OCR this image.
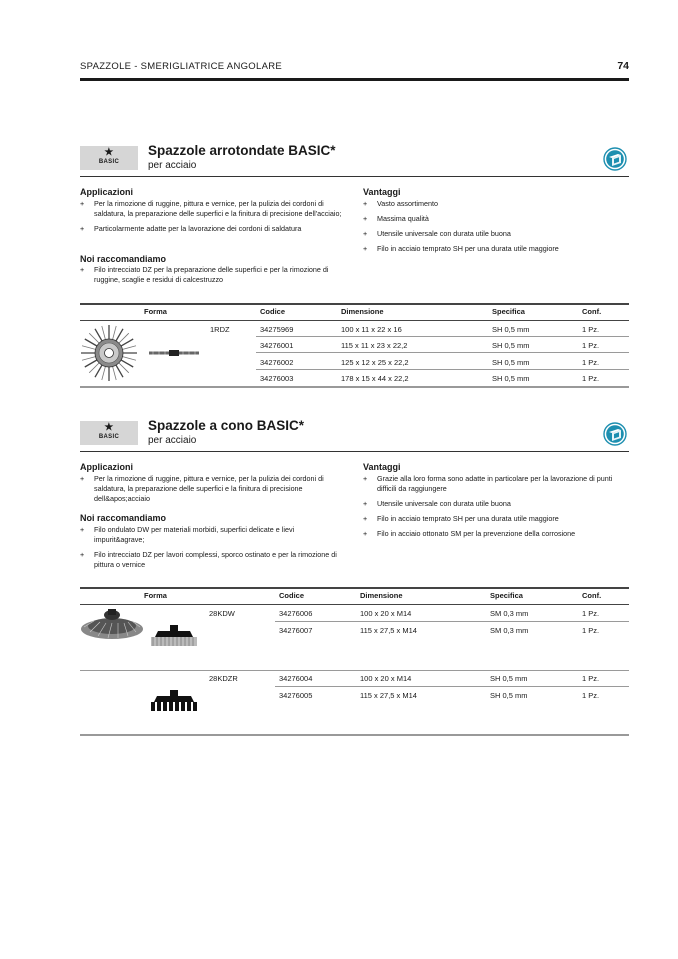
SPAZZOLE - SMERIGLIATRICE ANGOLARE	74
★
BASIC
Spazzole arrotondate BASIC*
per acciaio
Applicazioni
+ Per la rimozione di ruggine, pittura e vernice, per la pulizia dei cordoni di saldatura, la preparazione delle superfici e la finitura di precisione dell'acciaio;
+ Particolarmente adatte per la lavorazione dei cordoni di saldatura
Noi raccomandiamo
+ Filo intrecciato DZ per la preparazione delle superfici e per la rimozione di ruggine, scaglie e residui di calcestruzzo
Vantaggi
+ Vasto assortimento
+ Massima qualità
+ Utensile universale con durata utile buona
+ Filo in acciaio temprato SH per una durata utile maggiore
Forma	Codice	Dimensione	Specifica	Conf.
1RDZ	34275969	100 x 11 x 22 x 16	SH 0,5 mm	1 Pz.
34276001	115 x 11 x 23 x 22,2	SH 0,5 mm	1 Pz.
34276002	125 x 12 x 25 x 22,2	SH 0,5 mm	1 Pz.
34276003	178 x 15 x 44 x 22,2	SH 0,5 mm	1 Pz.
★
BASIC
Spazzole a cono BASIC*
per acciaio
Applicazioni
+ Per la rimozione di ruggine, pittura e vernice, per la pulizia dei cordoni di saldatura, la preparazione delle superfici e la finitura di precisione dell&apos;acciaio
Noi raccomandiamo
+ Filo ondulato DW per materiali morbidi, superfici delicate e lievi impurit&agrave;
+ Filo intrecciato DZ per lavori complessi, sporco ostinato e per la rimozione di pittura o vernice
Vantaggi
+ Grazie alla loro forma sono adatte in particolare per la lavorazione di punti difficili da raggiungere
+ Utensile universale con durata utile buona
+ Filo in acciaio temprato SH per una durata utile maggiore
+ Filo in acciaio ottonato SM per la prevenzione della corrosione
Forma	Codice	Dimensione	Specifica	Conf.
28KDW	34276006	100 x 20 x M14	SM 0,3 mm	1 Pz.
34276007	115 x 27,5 x M14	SM 0,3 mm	1 Pz.
28KDZR	34276004	100 x 20 x M14	SH 0,5 mm	1 Pz.
34276005	115 x 27,5 x M14	SH 0,5 mm	1 Pz.
